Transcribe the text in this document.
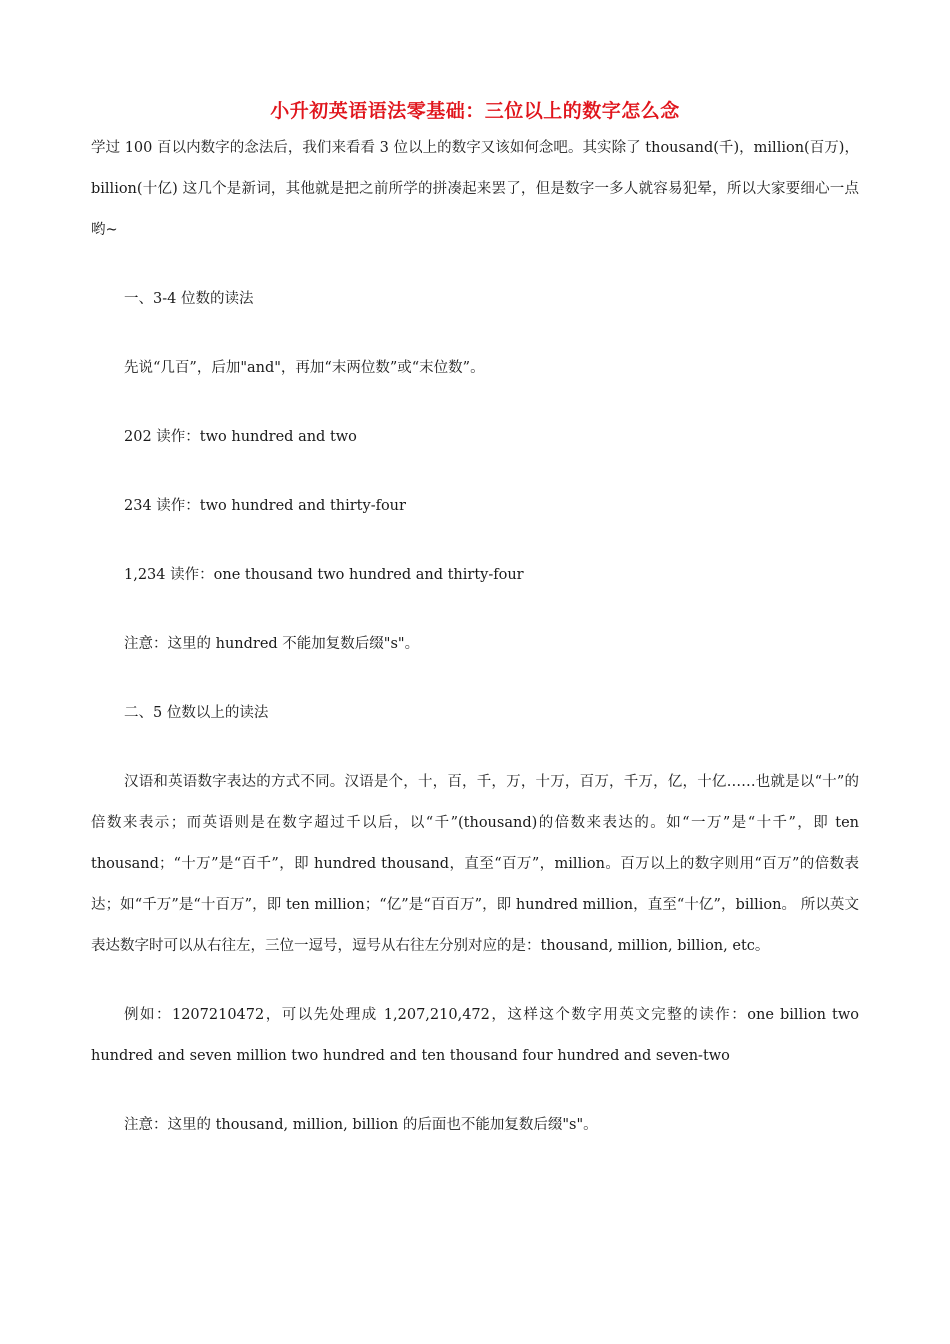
小升初英语语法零基础：三位以上的数字怎么念

学过 100 百以内数字的念法后，我们来看看 3 位以上的数字又该如何念吧。其实除了 thousand(千)，million(百万)， billion(十亿) 这几个是新词，其他就是把之前所学的拼凑起来罢了，但是数字一多人就容易犯晕，所以大家要细心一点哟~

一、3-4 位数的读法

先说“几百”，后加"and"，再加“末两位数”或“末位数”。

202 读作：two hundred and two

234 读作：two hundred and thirty-four

1,234 读作：one thousand two hundred and thirty-four

注意：这里的 hundred 不能加复数后缀"s"。

二、5 位数以上的读法

汉语和英语数字表达的方式不同。汉语是个，十，百，千，万，十万，百万，千万，亿，十亿……也就是以“十”的倍数来表示；而英语则是在数字超过千以后，以“千”(thousand)的倍数来表达的。如“一万”是“十千”，即 ten thousand；“十万”是“百千”，即 hundred thousand，直至“百万”，million。百万以上的数字则用“百万”的倍数表达；如“千万”是“十百万”，即 ten million；“亿”是“百百万”，即 hundred million，直至“十亿”，billion。 所以英文表达数字时可以从右往左，三位一逗号，逗号从右往左分别对应的是：thousand, million, billion, etc。

例如：1207210472，可以先处理成 1,207,210,472，这样这个数字用英文完整的读作：one billion two hundred and seven million two hundred and ten thousand four hundred and seven-two

注意：这里的 thousand, million, billion 的后面也不能加复数后缀"s"。
